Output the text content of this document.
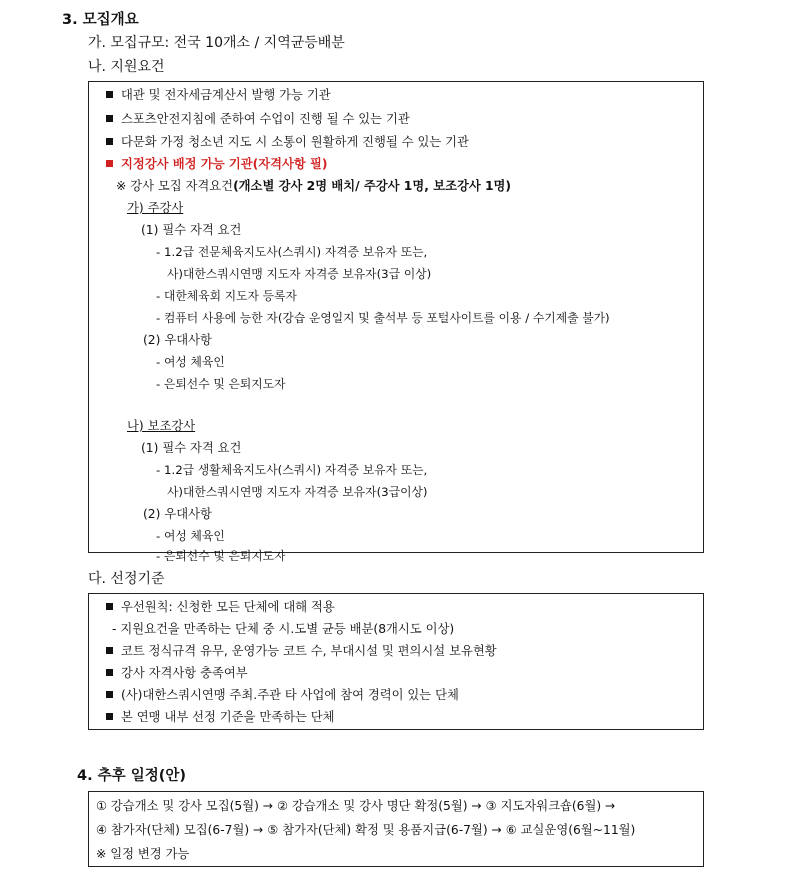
3. 모집개요
가. 모집규모: 전국 10개소 / 지역균등배분
나. 지원요건
대관 및 전자세금계산서 발행 가능 기관
스포츠안전지침에 준하여 수업이 진행 될 수 있는 기관
다문화 가정 청소년 지도 시 소통이 원활하게 진행될 수 있는 기관
지정강사 배정 가능 기관(자격사항 필)
※ 강사 모집 자격요건(개소별 강사 2명 배치/ 주강사 1명, 보조강사 1명)
가) 주강사
(1) 필수 자격 요건
- 1.2급 전문체육지도사(스쿼시) 자격증 보유자 또는,
사)대한스쿼시연맹 지도자 자격증 보유자(3급 이상)
- 대한체육회 지도자 등록자
- 컴퓨터 사용에 능한 자(강습 운영일지 및 출석부 등 포털사이트를 이용 / 수기제출 불가)
(2) 우대사항
- 여성 체육인
- 은퇴선수 및 은퇴지도자
나) 보조강사
(1) 필수 자격 요건
- 1.2급 생활체육지도사(스쿼시) 자격증 보유자 또는,
사)대한스쿼시연맹 지도자 자격증 보유자(3급이상)
(2) 우대사항
- 여성 체육인
- 은퇴선수 및 은퇴지도자
다. 선정기준
우선원칙: 신청한 모든 단체에 대해 적용
- 지원요건을 만족하는 단체 중 시.도별 균등 배분(8개시도 이상)
코트 정식규격 유무, 운영가능 코트 수, 부대시설 및 편의시설 보유현황
강사 자격사항 충족여부
(사)대한스쿼시연맹 주최.주관 타 사업에 참여 경력이 있는 단체
본 연맹 내부 선정 기준을 만족하는 단체
4. 추후 일정(안)
① 강습개소 및 강사 모집(5월) → ② 강습개소 및 강사 명단 확정(5월) → ③ 지도자워크숍(6월) →
④ 참가자(단체) 모집(6-7월) → ⑤ 참가자(단체) 확정 및 용품지급(6-7월) → ⑥ 교실운영(6월~11월)
※ 일정 변경 가능
